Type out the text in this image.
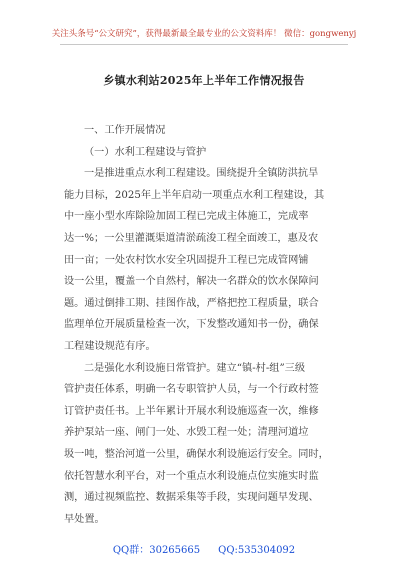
关注头条号“公文研究”，获得最新最全最专业的公文资料库！ 微信：gongwenyj
乡镇水利站2025年上半年工作情况报告
一、工作开展情况
（一）水利工程建设与管护
一是推进重点水利工程建设。围绕提升全镇防洪抗旱
能力目标，2025年上半年启动一项重点水利工程建设，其
中一座小型水库除险加固工程已完成主体施工，完成率
达一%；一公里灌溉渠道清淤疏浚工程全面竣工，惠及农
田一亩；一处农村饮水安全巩固提升工程已完成管网铺
设一公里，覆盖一个自然村，解决一名群众的饮水保障问
题。通过倒排工期、挂图作战，严格把控工程质量，联合
监理单位开展质量检查一次，下发整改通知书一份，确保
工程建设规范有序。
二是强化水利设施日常管护。建立“镇-村-组”三级
管护责任体系，明确一名专职管护人员，与一个行政村签
订管护责任书。上半年累计开展水利设施巡查一次，维修
养护泵站一座、闸门一处、水毁工程一处；清理河道垃
圾一吨，整治河道一公里，确保水利设施运行安全。同时，
依托智慧水利平台，对一个重点水利设施点位实施实时监
测，通过视频监控、数据采集等手段，实现问题早发现、
早处置。
QQ群：30265665 QQ:535304092
